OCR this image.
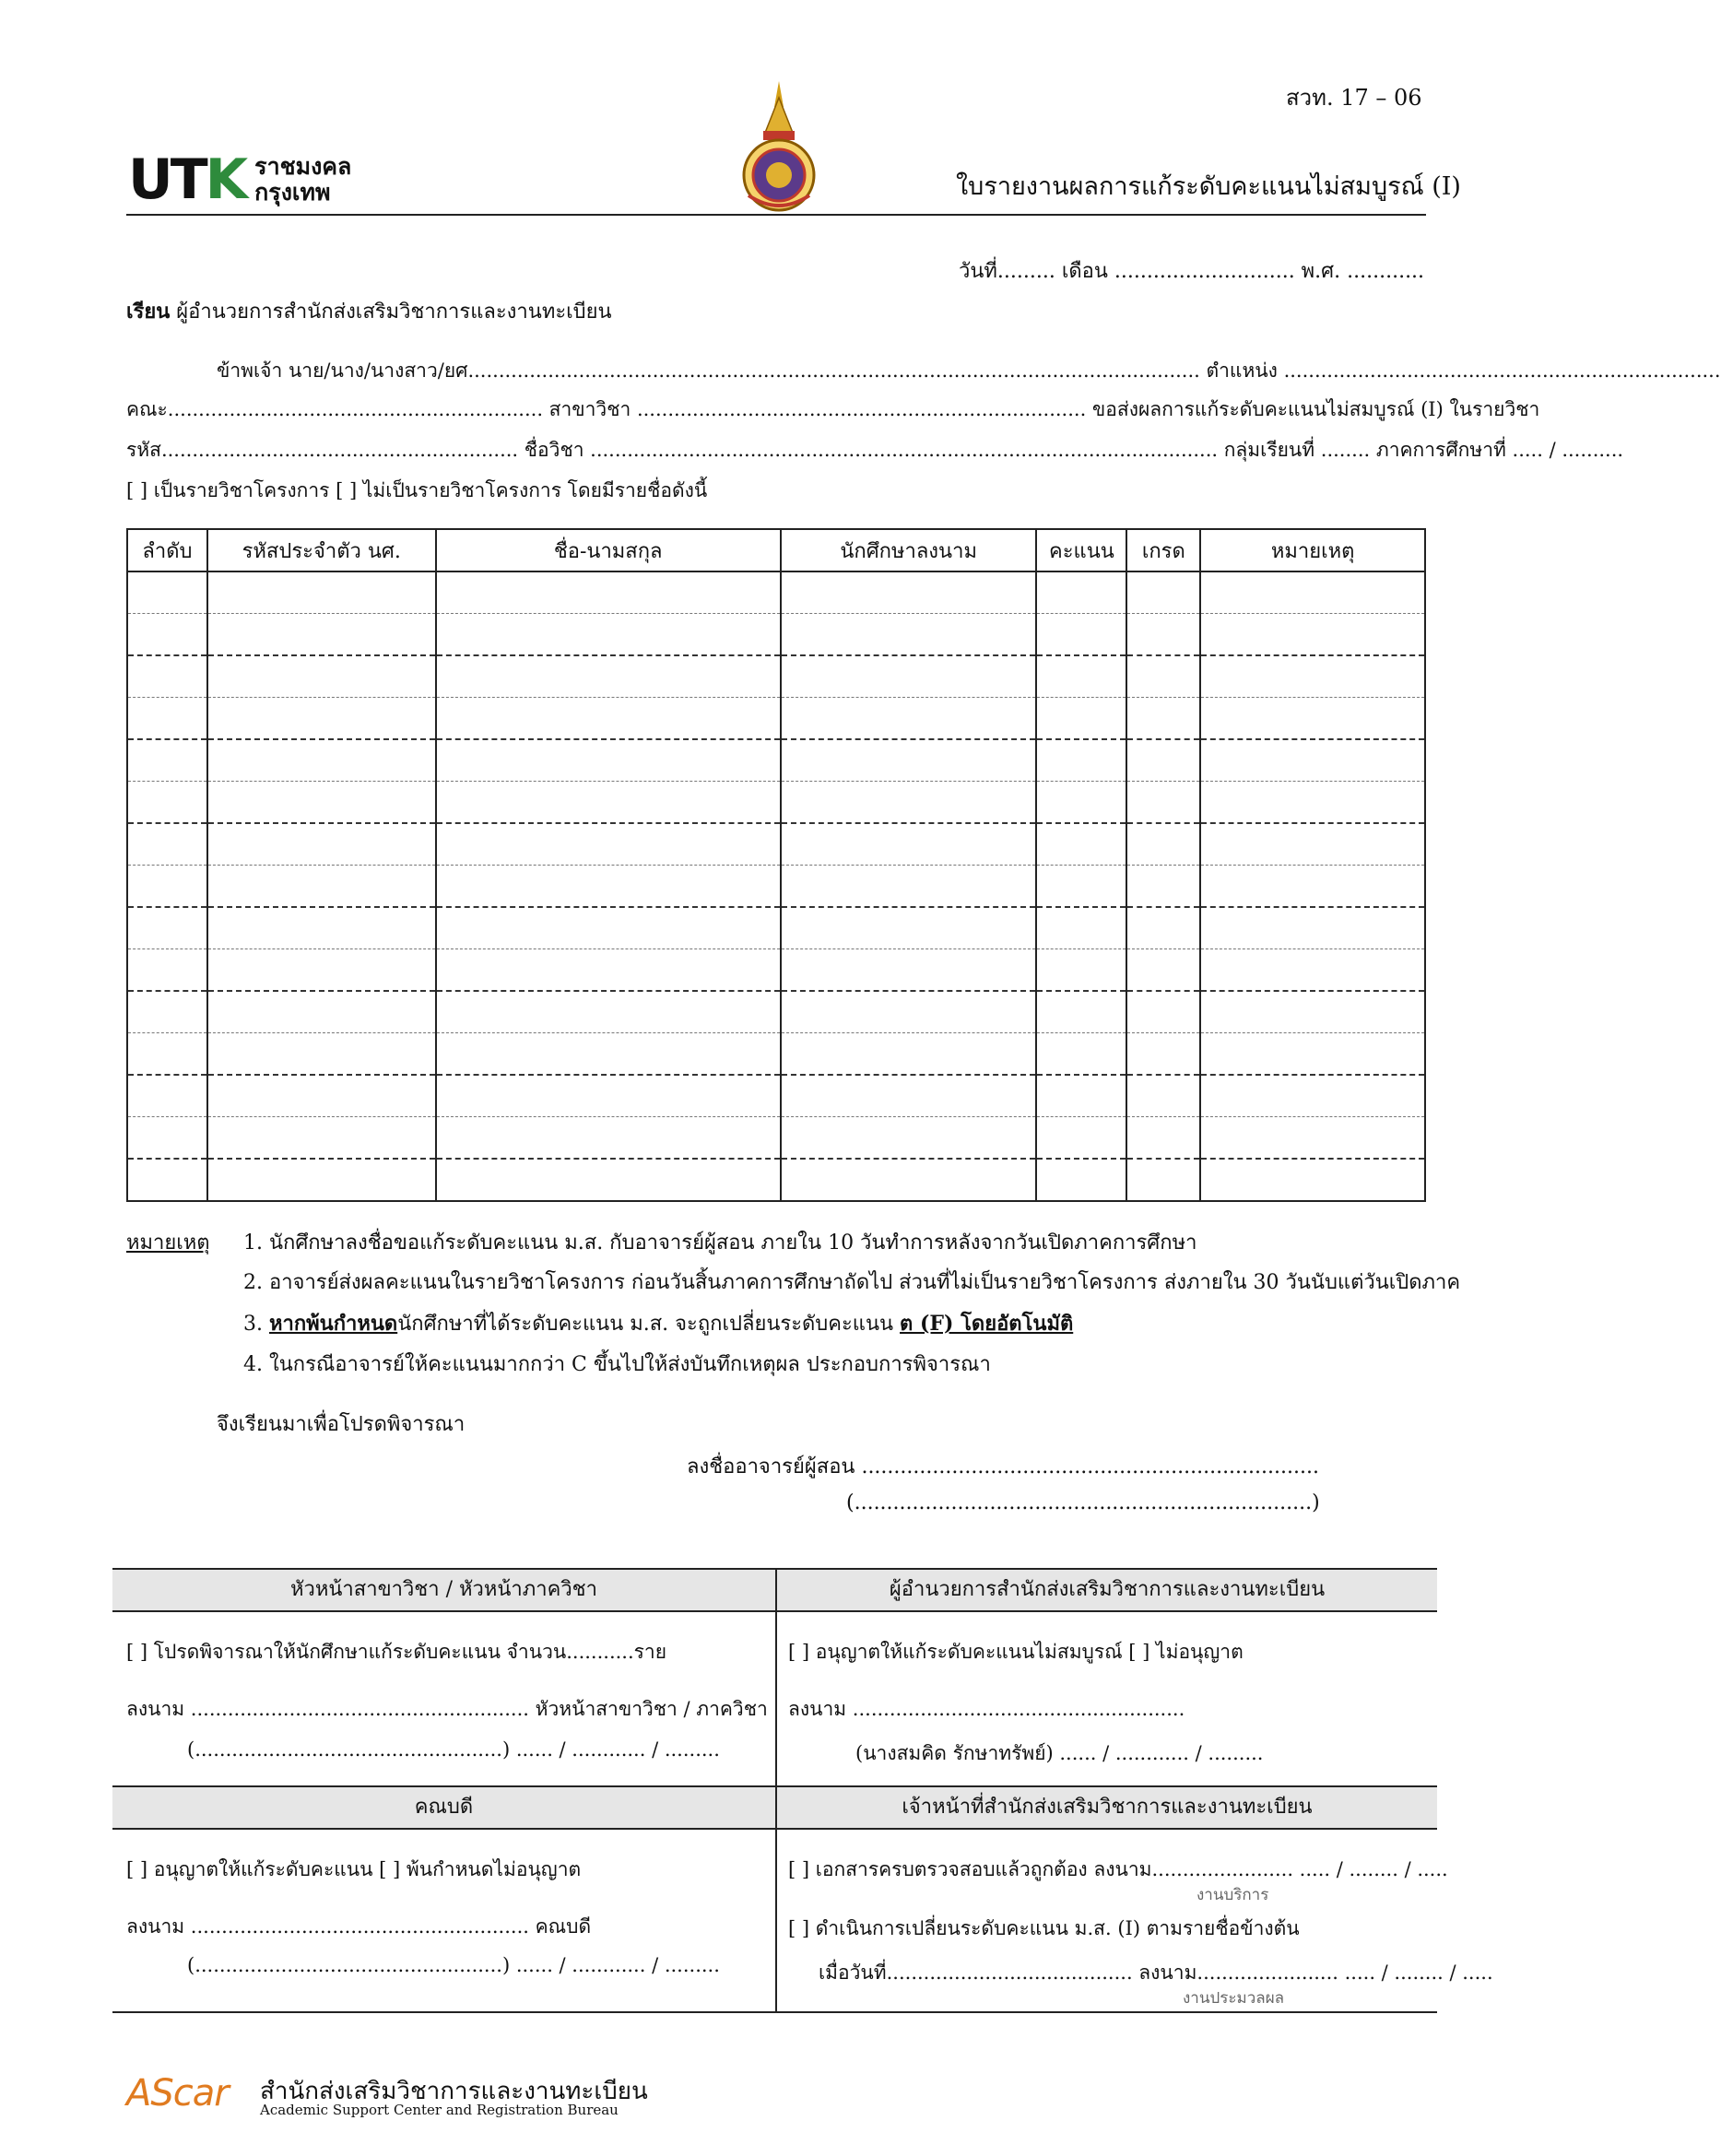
สวท. 17 – 06
UTK ราชมงคล
กรุงเทพ	ใบรายงานผลการแก้ระดับคะแนนไม่สมบูรณ์ (I)
วันที่......... เดือน ............................ พ.ศ. ............
เรียน ผู้อำนวยการสำนักส่งเสริมวิชาการและงานทะเบียน
ข้าพเจ้า นาย/นาง/นางสาว/ยศ....................................................................................................................... ตำแหน่ง .......................................................................
คณะ............................................................. สาขาวิชา ......................................................................... ขอส่งผลการแก้ระดับคะแนนไม่สมบูรณ์ (I) ในรายวิชา
รหัส.......................................................... ชื่อวิชา ...................................................................................................... กลุ่มเรียนที่ ........ ภาคการศึกษาที่ ..... / ..........
[ ] เป็นรายวิชาโครงการ [ ] ไม่เป็นรายวิชาโครงการ โดยมีรายชื่อดังนี้
ลำดับ	รหัสประจำตัว นศ.	ชื่อ-นามสกุล	นักศึกษาลงนาม	คะแนน	เกรด	หมายเหตุ

หมายเหตุ 1. นักศึกษาลงชื่อขอแก้ระดับคะแนน ม.ส. กับอาจารย์ผู้สอน ภายใน 10 วันทำการหลังจากวันเปิดภาคการศึกษา
2. อาจารย์ส่งผลคะแนนในรายวิชาโครงการ ก่อนวันสิ้นภาคการศึกษาถัดไป ส่วนที่ไม่เป็นรายวิชาโครงการ ส่งภายใน 30 วันนับแต่วันเปิดภาค
3. หากพ้นกำหนดนักศึกษาที่ได้ระดับคะแนน ม.ส. จะถูกเปลี่ยนระดับคะแนน ต (F) โดยอัตโนมัติ
4. ในกรณีอาจารย์ให้คะแนนมากกว่า C ขึ้นไปให้ส่งบันทึกเหตุผล ประกอบการพิจารณา
จึงเรียนมาเพื่อโปรดพิจารณา
ลงชื่ออาจารย์ผู้สอน .......................................................................
(.......................................................................)
หัวหน้าสาขาวิชา / หัวหน้าภาควิชา	ผู้อำนวยการสำนักส่งเสริมวิชาการและงานทะเบียน
[ ] โปรดพิจารณาให้นักศึกษาแก้ระดับคะแนน จำนวน...........ราย
ลงนาม ....................................................... หัวหน้าสาขาวิชา / ภาควิชา
(..................................................) ...... / ............ / .........
[ ] อนุญาตให้แก้ระดับคะแนนไม่สมบูรณ์ [ ] ไม่อนุญาต
ลงนาม ......................................................
(นางสมคิด รักษาทรัพย์) ...... / ............ / .........
คณบดี	เจ้าหน้าที่สำนักส่งเสริมวิชาการและงานทะเบียน
[ ] อนุญาตให้แก้ระดับคะแนน [ ] พ้นกำหนดไม่อนุญาต
ลงนาม ....................................................... คณบดี
(..................................................) ...... / ............ / .........
[ ] เอกสารครบตรวจสอบแล้วถูกต้อง ลงนาม....................... ..... / ........ / .....
งานบริการ
[ ] ดำเนินการเปลี่ยนระดับคะแนน ม.ส. (I) ตามรายชื่อข้างต้น
เมื่อวันที่........................................ ลงนาม....................... ..... / ........ / .....
งานประมวลผล
AScar สำนักส่งเสริมวิชาการและงานทะเบียน
Academic Support Center and Registration Bureau
